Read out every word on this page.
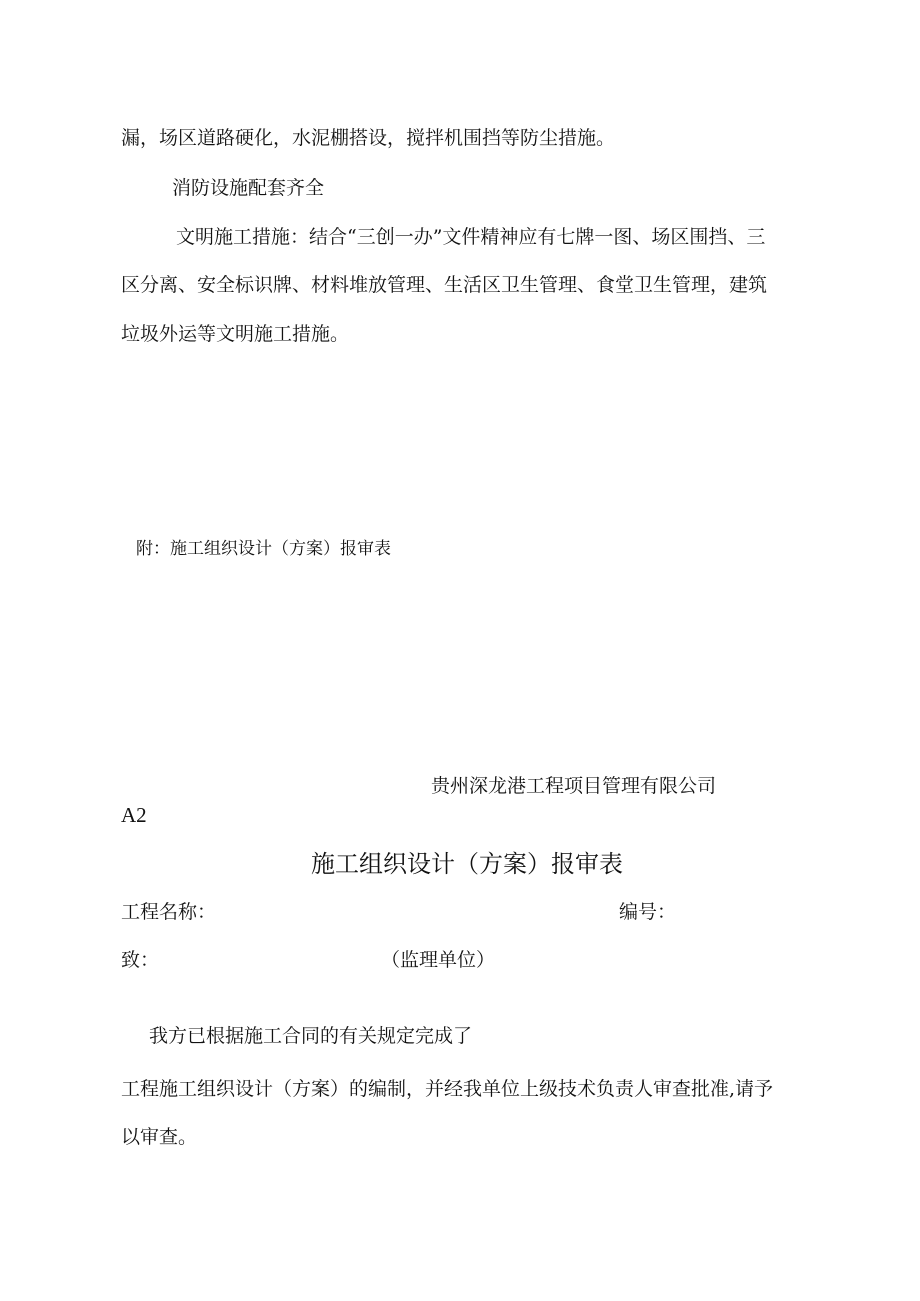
漏，场区道路硬化，水泥棚搭设，搅拌机围挡等防尘措施。
消防设施配套齐全
文明施工措施：结合“三创一办”文件精神应有七牌一图、场区围挡、三
区分离、安全标识牌、材料堆放管理、生活区卫生管理、食堂卫生管理，建筑
垃圾外运等文明施工措施。
附：施工组织设计（方案）报审表
贵州深龙港工程项目管理有限公司
A2
施工组织设计（方案）报审表
工程名称：	编号：
致：	（监理单位）
我方已根据施工合同的有关规定完成了
工程施工组织设计（方案）的编制，并经我单位上级技术负责人审查批准,请予
以审查。
